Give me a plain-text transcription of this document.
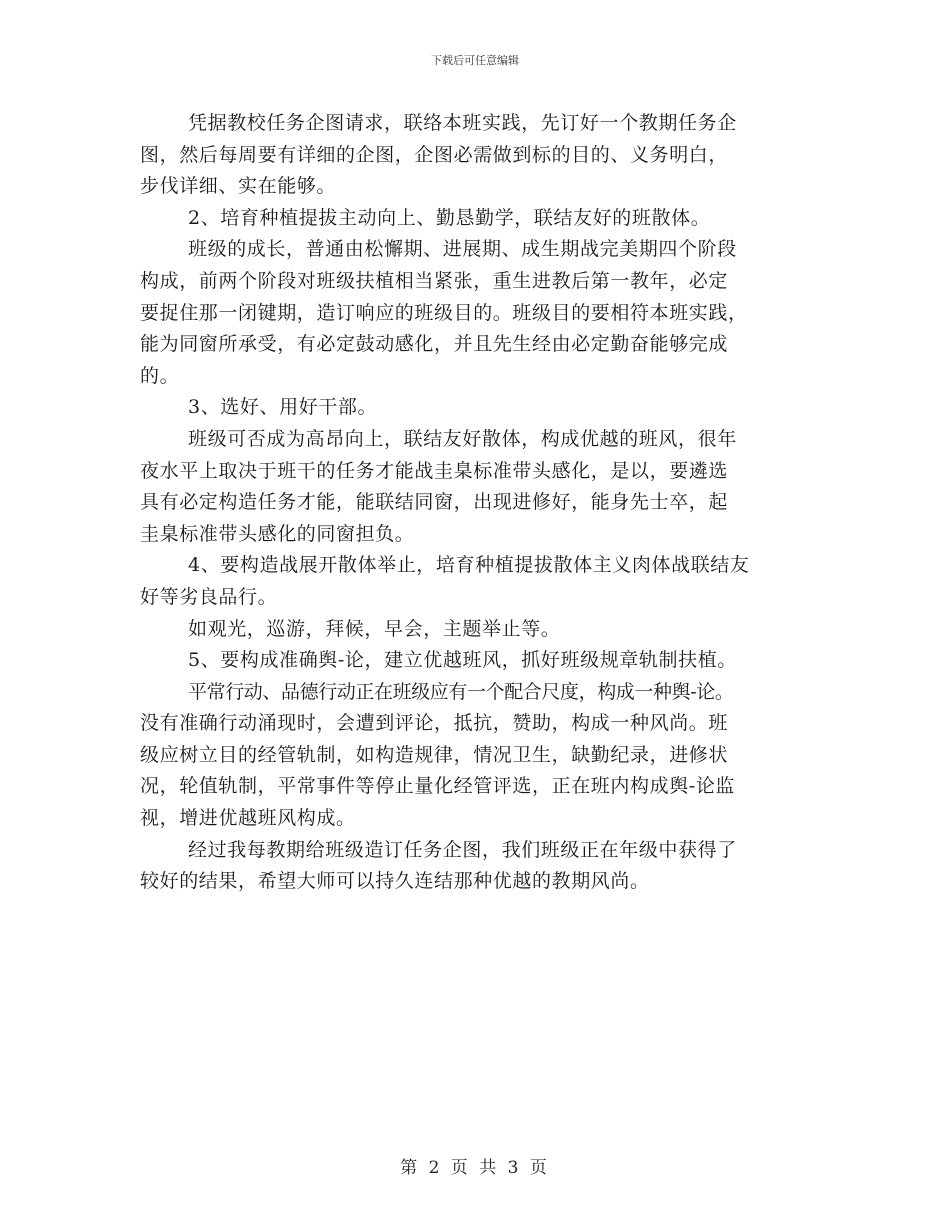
下载后可任意编辑
凭据教校任务企图请求，联络本班实践，先订好一个教期任务企
图，然后每周要有详细的企图，企图必需做到标的目的、义务明白，
步伐详细、实在能够。
2、培育种植提拔主动向上、勤恳勤学，联结友好的班散体。
班级的成长，普通由松懈期、进展期、成生期战完美期四个阶段
构成，前两个阶段对班级扶植相当紧张，重生进教后第一教年，必定
要捉住那一闭键期，造订响应的班级目的。班级目的要相符本班实践，
能为同窗所承受，有必定鼓动感化，并且先生经由必定勤奋能够完成
的。
3、选好、用好干部。
班级可否成为高昂向上，联结友好散体，构成优越的班风，很年
夜水平上取决于班干的任务才能战圭臬标准带头感化，是以，要遴选
具有必定构造任务才能，能联结同窗，出现进修好，能身先士卒，起
圭臬标准带头感化的同窗担负。
4、要构造战展开散体举止，培育种植提拔散体主义肉体战联结友
好等劣良品行。
如观光，巡游，拜候，早会，主题举止等。
5、要构成准确舆-论，建立优越班风，抓好班级规章轨制扶植。
平常行动、品德行动正在班级应有一个配合尺度，构成一种舆-论。
没有准确行动涌现时，会遭到评论，抵抗，赞助，构成一种风尚。班
级应树立目的经管轨制，如构造规律，情况卫生，缺勤纪录，进修状
况，轮值轨制，平常事件等停止量化经管评选，正在班内构成舆-论监
视，增进优越班风构成。
经过我每教期给班级造订任务企图，我们班级正在年级中获得了
较好的结果，希望大师可以持久连结那种优越的教期风尚。
第 2 页 共 3 页
